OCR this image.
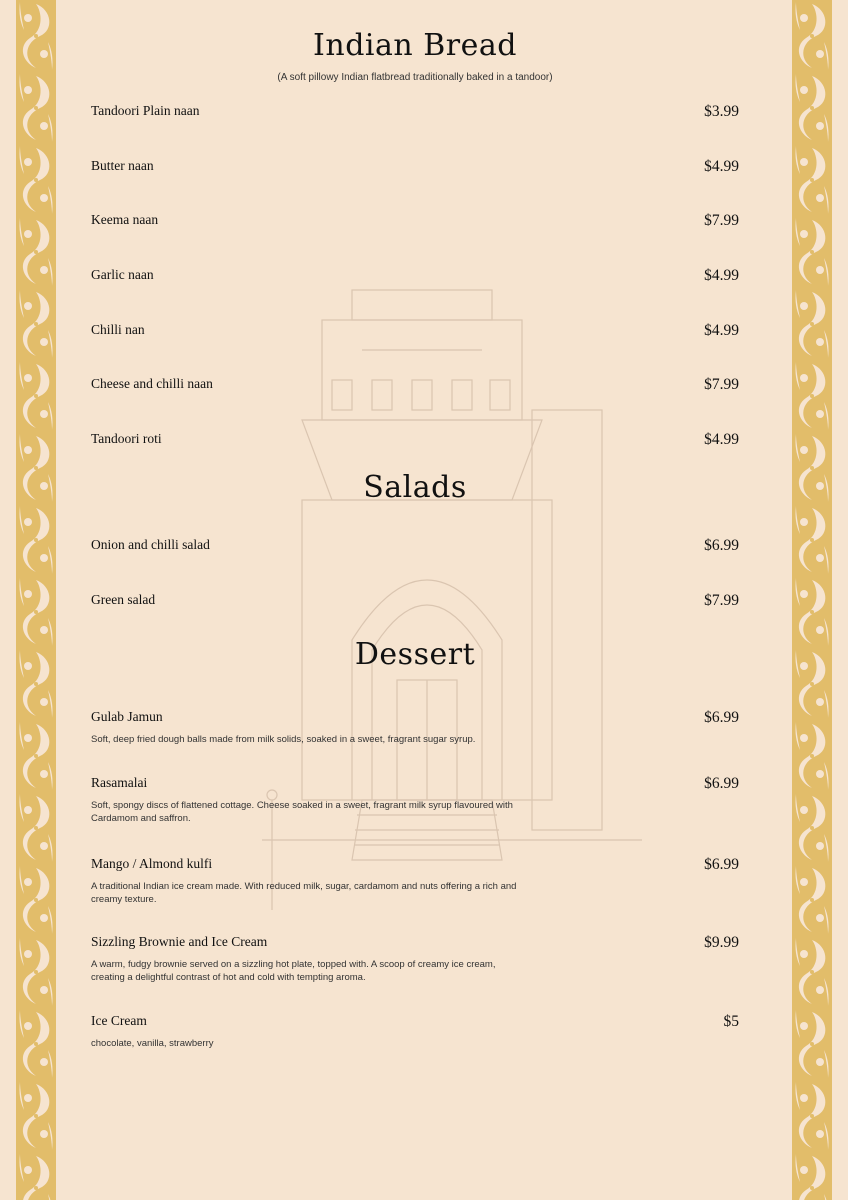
Indian Bread
(A soft pillowy Indian flatbread traditionally baked in a tandoor)
Tandoori Plain naan	$3.99
Butter naan	$4.99
Keema naan	$7.99
Garlic naan	$4.99
Chilli nan	$4.99
Cheese and chilli naan	$7.99
Tandoori roti	$4.99
Salads
Onion and chilli salad	$6.99
Green salad	$7.99
Dessert
Gulab Jamun	$6.99
Soft, deep fried dough balls made from milk solids, soaked in a sweet, fragrant sugar syrup.
Rasamalai	$6.99
Soft, spongy discs of flattened cottage. Cheese soaked in a sweet, fragrant milk syrup flavoured with Cardamom and saffron.
Mango / Almond kulfi	$6.99
A traditional Indian ice cream made. With reduced milk, sugar, cardamom and nuts offering a rich and creamy texture.
Sizzling Brownie and Ice Cream	$9.99
A warm, fudgy brownie served on a sizzling hot plate, topped with. A scoop of creamy ice cream, creating a delightful contrast of hot and cold with tempting aroma.
Ice Cream	$5
chocolate, vanilla, strawberry
